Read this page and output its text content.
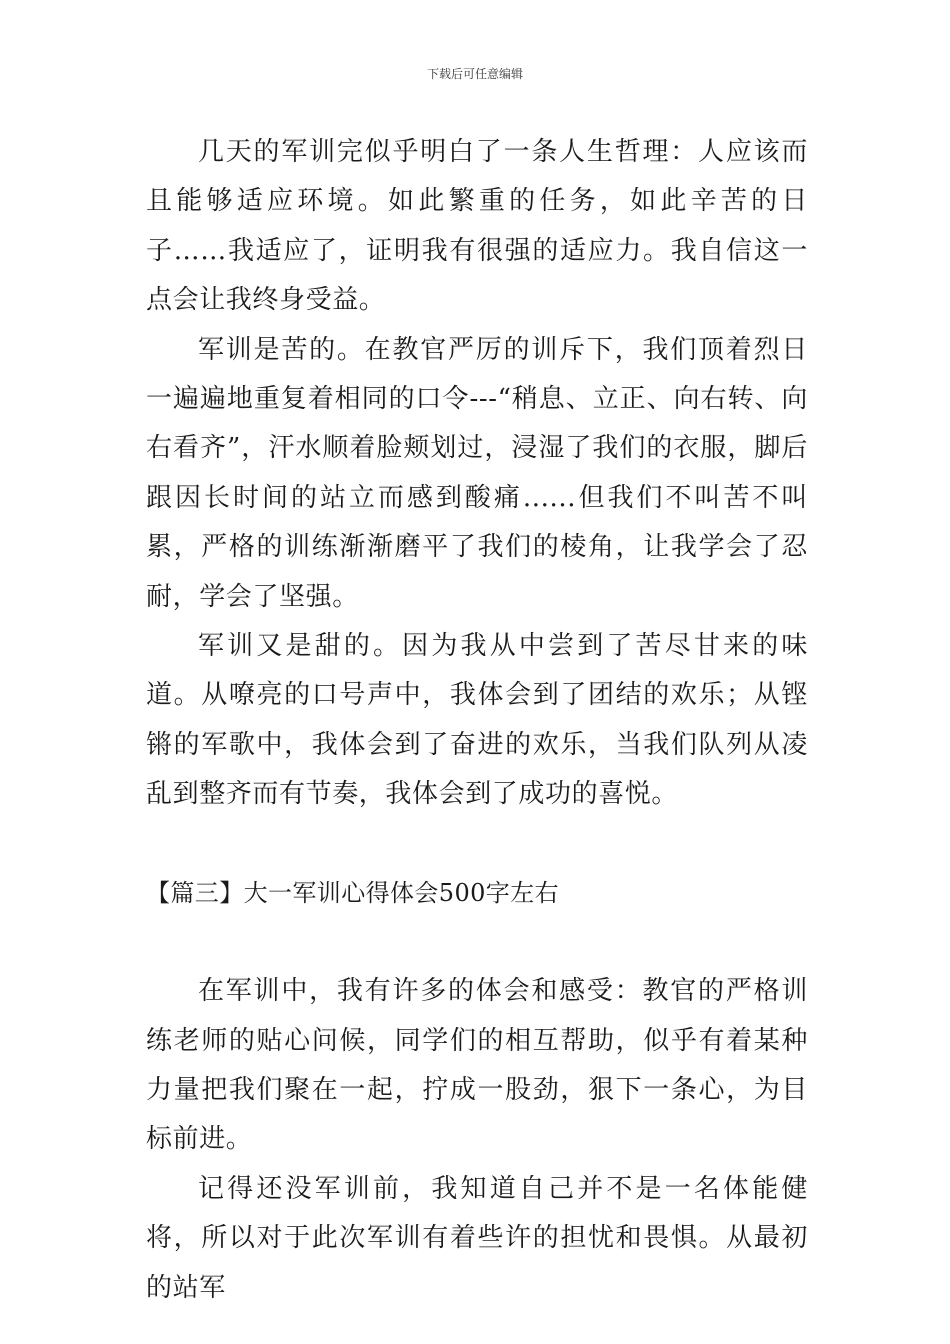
下载后可任意编辑

几天的军训完似乎明白了一条人生哲理：人应该而且能够适应环境。如此繁重的任务，如此辛苦的日子……我适应了，证明我有很强的适应力。我自信这一点会让我终身受益。

军训是苦的。在教官严厉的训斥下，我们顶着烈日一遍遍地重复着相同的口令---“稍息、立正、向右转、向右看齐”，汗水顺着脸颊划过，浸湿了我们的衣服，脚后跟因长时间的站立而感到酸痛......但我们不叫苦不叫累，严格的训练渐渐磨平了我们的棱角，让我学会了忍耐，学会了坚强。

军训又是甜的。因为我从中尝到了苦尽甘来的味道。从嘹亮的口号声中，我体会到了团结的欢乐；从铿锵的军歌中，我体会到了奋进的欢乐，当我们队列从凌乱到整齐而有节奏，我体会到了成功的喜悦。

【篇三】大一军训心得体会500字左右

在军训中，我有许多的体会和感受：教官的严格训练老师的贴心问候，同学们的相互帮助，似乎有着某种力量把我们聚在一起，拧成一股劲，狠下一条心，为目标前进。

记得还没军训前，我知道自己并不是一名体能健将，所以对于此次军训有着些许的担忧和畏惧。从最初的站军
